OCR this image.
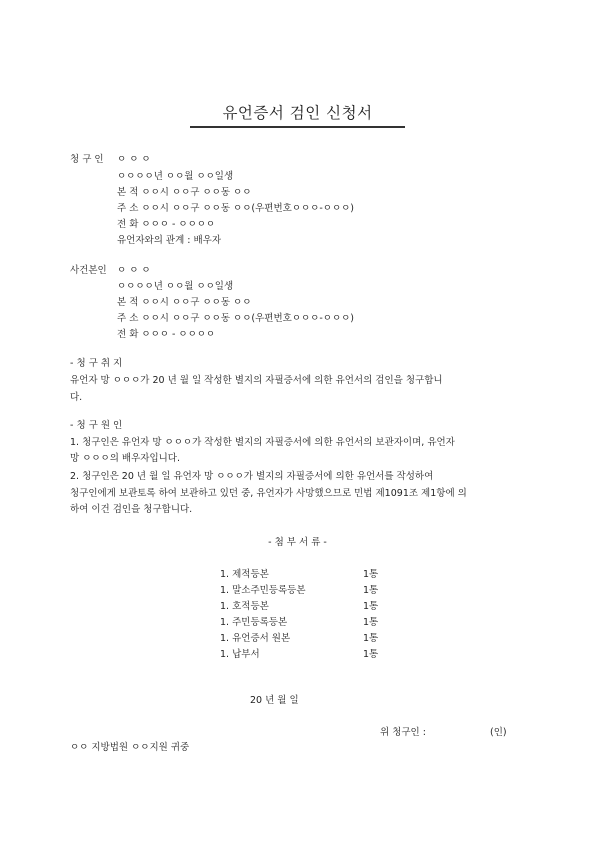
유언증서 검인 신청서
청 구 인 ㅇ ㅇ ㅇ
ㅇㅇㅇㅇ년 ㅇㅇ월 ㅇㅇ일생
본 적 ㅇㅇ시 ㅇㅇ구 ㅇㅇ동 ㅇㅇ
주 소 ㅇㅇ시 ㅇㅇ구 ㅇㅇ동 ㅇㅇ(우편번호ㅇㅇㅇ-ㅇㅇㅇ)
전 화 ㅇㅇㅇ - ㅇㅇㅇㅇ
유언자와의 관계 : 배우자
사건본인 ㅇ ㅇ ㅇ
ㅇㅇㅇㅇ년 ㅇㅇ월 ㅇㅇ일생
본 적 ㅇㅇ시 ㅇㅇ구 ㅇㅇ동 ㅇㅇ
주 소 ㅇㅇ시 ㅇㅇ구 ㅇㅇ동 ㅇㅇ(우편번호ㅇㅇㅇ-ㅇㅇㅇ)
전 화 ㅇㅇㅇ - ㅇㅇㅇㅇ
- 청 구 취 지
유언자 망 ㅇㅇㅇ가 20 년 월 일 작성한 별지의 자필증서에 의한 유언서의 검인을 청구합니
다.
- 청 구 원 인
1. 청구인은 유언자 망 ㅇㅇㅇ가 작성한 별지의 자필증서에 의한 유언서의 보관자이며, 유언자
망 ㅇㅇㅇ의 배우자입니다.
2. 청구인은 20 년 월 일 유언자 망 ㅇㅇㅇ가 별지의 자필증서에 의한 유언서를 작성하여
청구인에게 보관토록 하여 보관하고 있던 중, 유언자가 사망했으므로 민법 제1091조 제1항에 의
하여 이건 검인을 청구합니다.
- 첨 부 서 류 -
1. 제적등본	1통
1. 말소주민등록등본	1통
1. 호적등본	1통
1. 주민등록등본	1통
1. 유언증서 원본	1통
1. 납부서	1통
20 년 월 일
위 청구인 :	(인)
ㅇㅇ 지방법원 ㅇㅇ지원 귀중
